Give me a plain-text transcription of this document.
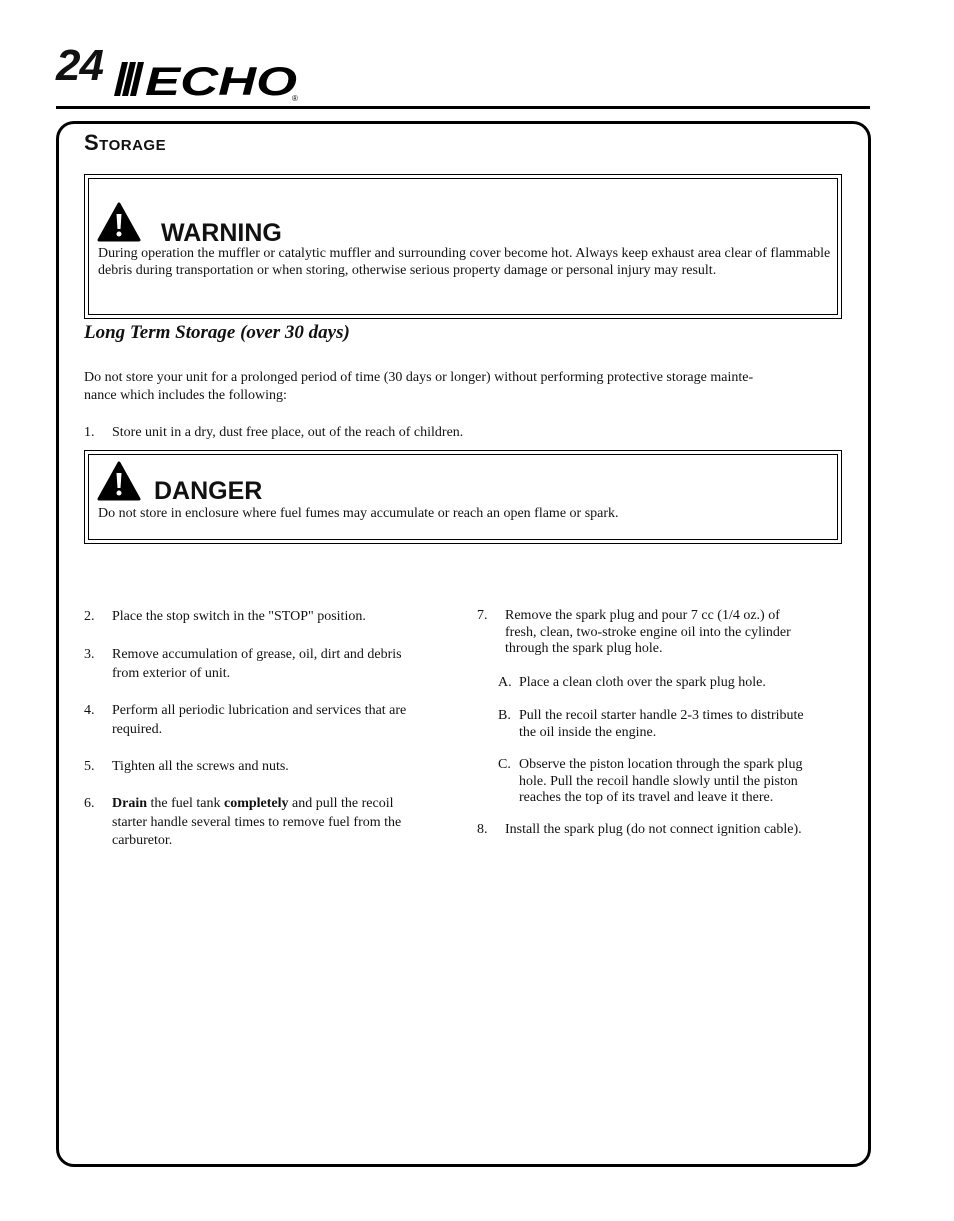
24 ECHO
®
Storage
WARNING
During operation the muffler or catalytic muffler and surrounding cover become hot. Always keep exhaust area clear of flammable debris during transportation or when storing, otherwise serious property damage or personal injury may result.
Long Term Storage (over 30 days)
Do not store your unit for a prolonged period of time (30 days or longer) without performing protective storage mainte-
nance which includes the following:
1. Store unit in a dry, dust free place, out of the reach of children.
DANGER
Do not store in enclosure where fuel fumes may accumulate or reach an open flame or spark.
2. Place the stop switch in the "STOP" position.
3. Remove accumulation of grease, oil, dirt and debris
from exterior of unit.
4. Perform all periodic lubrication and services that are
required.
5. Tighten all the screws and nuts.
6. Drain the fuel tank completely and pull the recoil
starter handle several times to remove fuel from the
carburetor.
7. Remove the spark plug and pour 7 cc (1/4 oz.) of
fresh, clean, two-stroke engine oil into the cylinder
through the spark plug hole.
A. Place a clean cloth over the spark plug hole.
B. Pull the recoil starter handle 2-3 times to distribute
the oil inside the engine.
C. Observe the piston location through the spark plug
hole. Pull the recoil handle slowly until the piston
reaches the top of its travel and leave it there.
8. Install the spark plug (do not connect ignition cable).
